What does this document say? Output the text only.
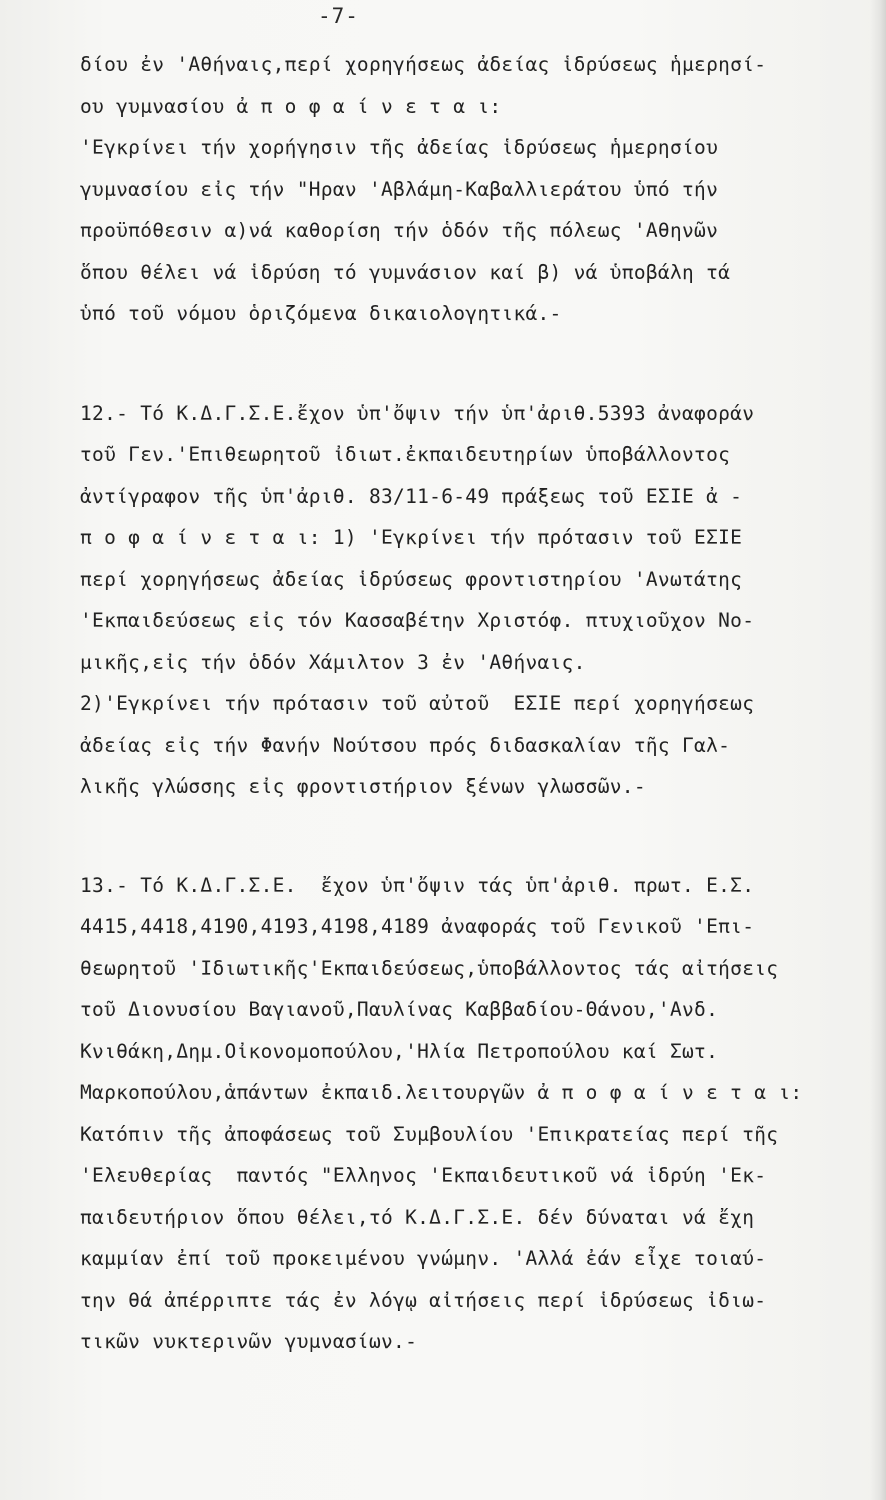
-7-
δίου ἐν 'Αθήναις,περί χορηγήσεως ἀδείας ἱδρύσεως ἡμερησί-
ου γυμνασίου ἀ π ο φ α ί ν ε τ α ι:
'Εγκρίνει τήν χορήγησιν τῆς ἀδείας ἱδρύσεως ἡμερησίου
γυμνασίου εἰς τήν "Ηραν 'Αβλάμη-Καβαλλιεράτου ὑπό τήν
προϋπόθεσιν α)νά καθορίση τήν ὁδόν τῆς πόλεως 'Αθηνῶν
ὅπου θέλει νά ἱδρύση τό γυμνάσιον καί β) νά ὑποβάλη τά
ὑπό τοῦ νόμου ὁριζόμενα δικαιολογητικά.-
12.- Τό Κ.Δ.Γ.Σ.Ε.ἔχον ὑπ'ὄψιν τήν ὑπ'ἀριθ.5393 ἀναφοράν
τοῦ Γεν.'Επιθεωρητοῦ ἰδιωτ.ἐκπαιδευτηρίων ὑποβάλλοντος
ἀντίγραφον τῆς ὑπ'ἀριθ. 83/11-6-49 πράξεως τοῦ ΕΣΙΕ ἀ -
π ο φ α ί ν ε τ α ι: 1) 'Εγκρίνει τήν πρότασιν τοῦ ΕΣΙΕ
περί χορηγήσεως ἀδείας ἱδρύσεως φροντιστηρίου 'Ανωτάτης
'Εκπαιδεύσεως εἰς τόν Κασσαβέτην Χριστόφ. πτυχιοῦχον Νο-
μικῆς,εἰς τήν ὁδόν Χάμιλτον 3 ἐν 'Αθήναις.
2)'Εγκρίνει τήν πρότασιν τοῦ αὐτοῦ  ΕΣΙΕ περί χορηγήσεως
ἀδείας εἰς τήν Φανήν Νούτσου πρός διδασκαλίαν τῆς Γαλ-
λικῆς γλώσσης εἰς φροντιστήριον ξένων γλωσσῶν.-
13.- Τό Κ.Δ.Γ.Σ.Ε.  ἔχον ὑπ'ὄψιν τάς ὑπ'ἀριθ. πρωτ. Ε.Σ.
4415,4418,4190,4193,4198,4189 ἀναφοράς τοῦ Γενικοῦ 'Επι-
θεωρητοῦ 'Ιδιωτικῆς'Εκπαιδεύσεως,ὑποβάλλοντος τάς αἰτήσεις
τοῦ Διονυσίου Βαγιανοῦ,Παυλίνας Καββαδίου-Θάνου,'Ανδ.
Κνιθάκη,Δημ.Οἰκονομοπούλου,'Ηλία Πετροπούλου καί Σωτ.
Μαρκοπούλου,ἁπάντων ἐκπαιδ.λειτουργῶν ἀ π ο φ α ί ν ε τ α ι:
Κατόπιν τῆς ἀποφάσεως τοῦ Συμβουλίου 'Επικρατείας περί τῆς
'Ελευθερίας  παντός "Ελληνος 'Εκπαιδευτικοῦ νά ἱδρύη 'Εκ-
παιδευτήριον ὅπου θέλει,τό Κ.Δ.Γ.Σ.Ε. δέν δύναται νά ἔχη
καμμίαν ἐπί τοῦ προκειμένου γνώμην. 'Αλλά ἐάν εἶχε τοιαύ-
την θά ἀπέρριπτε τάς ἐν λόγῳ αἰτήσεις περί ἱδρύσεως ἰδιω-
τικῶν νυκτερινῶν γυμνασίων.-
